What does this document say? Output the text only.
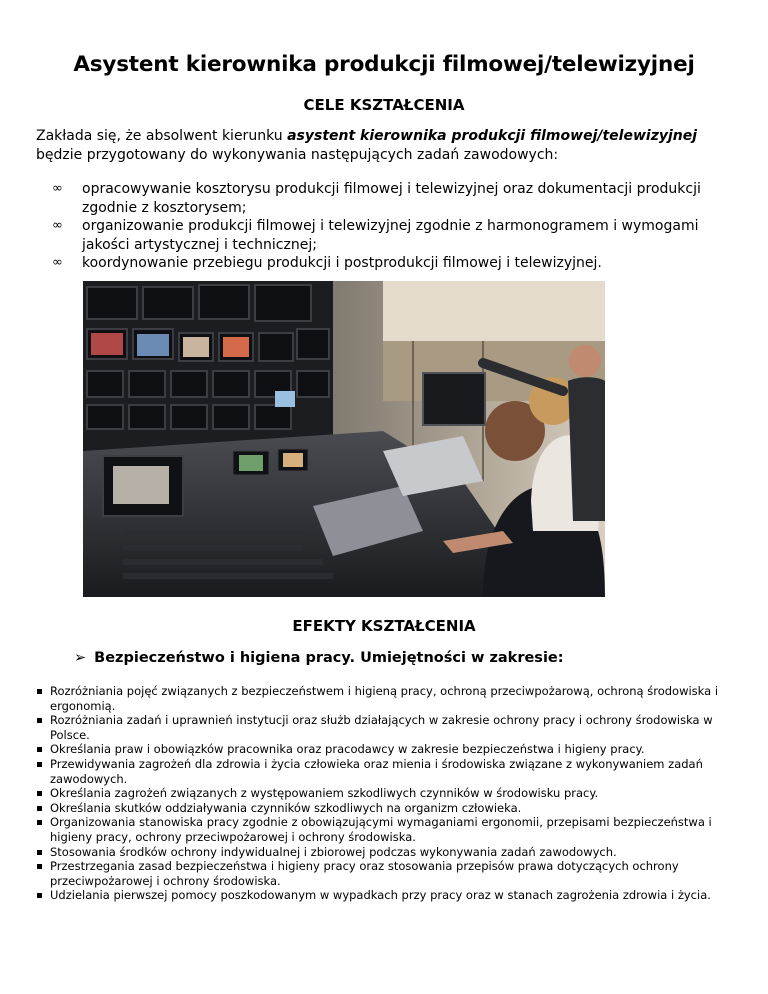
Asystent kierownika produkcji filmowej/telewizyjnej
CELE KSZTAŁCENIA
Zakłada się, że absolwent kierunku asystent kierownika produkcji filmowej/telewizyjnej
będzie przygotowany do wykonywania następujących zadań zawodowych:
∞ opracowywanie kosztorysu produkcji filmowej i telewizyjnej oraz dokumentacji produkcji zgodnie z kosztorysem;
∞ organizowanie produkcji filmowej i telewizyjnej zgodnie z harmonogramem i wymogami jakości artystycznej i technicznej;
∞ koordynowanie przebiegu produkcji i postprodukcji filmowej i telewizyjnej.
EFEKTY KSZTAŁCENIA
➢ Bezpieczeństwo i higiena pracy. Umiejętności w zakresie:
Rozróżniania pojęć związanych z bezpieczeństwem i higieną pracy, ochroną przeciwpożarową, ochroną środowiska i ergonomią.
Rozróżniania zadań i uprawnień instytucji oraz służb działających w zakresie ochrony pracy i ochrony środowiska w Polsce.
Określania praw i obowiązków pracownika oraz pracodawcy w zakresie bezpieczeństwa i higieny pracy.
Przewidywania zagrożeń dla zdrowia i życia człowieka oraz mienia i środowiska związane z wykonywaniem zadań zawodowych.
Określania zagrożeń związanych z występowaniem szkodliwych czynników w środowisku pracy.
Określania skutków oddziaływania czynników szkodliwych na organizm człowieka.
Organizowania stanowiska pracy zgodnie z obowiązującymi wymaganiami ergonomii, przepisami bezpieczeństwa i higieny pracy, ochrony przeciwpożarowej i ochrony środowiska.
Stosowania środków ochrony indywidualnej i zbiorowej podczas wykonywania zadań zawodowych.
Przestrzegania zasad bezpieczeństwa i higieny pracy oraz stosowania przepisów prawa dotyczących ochrony przeciwpożarowej i ochrony środowiska.
Udzielania pierwszej pomocy poszkodowanym w wypadkach przy pracy oraz w stanach zagrożenia zdrowia i życia.
